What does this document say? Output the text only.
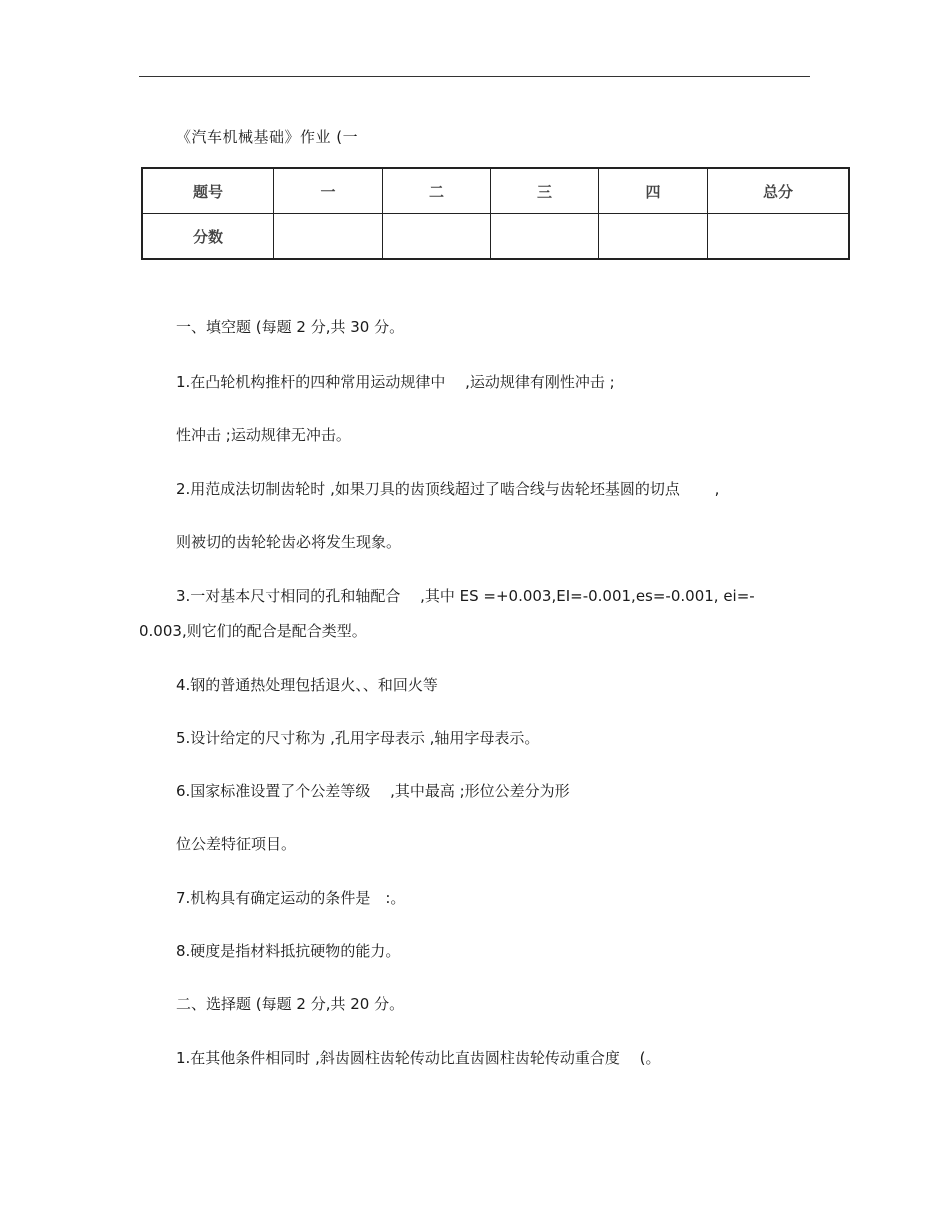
《汽车机械基础》作业 (一
题号	一	二	三	四	总分
分数					
一、填空题 (每题 2 分,共 30 分。
1.在凸轮机构推杆的四种常用运动规律中　 ,运动规律有刚性冲击 ;
性冲击 ;运动规律无冲击。
2.用范成法切制齿轮时 ,如果刀具的齿顶线超过了啮合线与齿轮坯基圆的切点　　 ,
则被切的齿轮轮齿必将发生现象。
3.一对基本尺寸相同的孔和轴配合　 ,其中 ES =+0.003,EI=-0.001,es=-0.001, ei=-
0.003,则它们的配合是配合类型。
4.钢的普通热处理包括退火、、和回火等
5.设计给定的尺寸称为 ,孔用字母表示 ,轴用字母表示。
6.国家标准设置了个公差等级　 ,其中最高 ;形位公差分为形
位公差特征项目。
7.机构具有确定运动的条件是　:。
8.硬度是指材料抵抗硬物的能力。
二、选择题 (每题 2 分,共 20 分。
1.在其他条件相同时 ,斜齿圆柱齿轮传动比直齿圆柱齿轮传动重合度　 (。
